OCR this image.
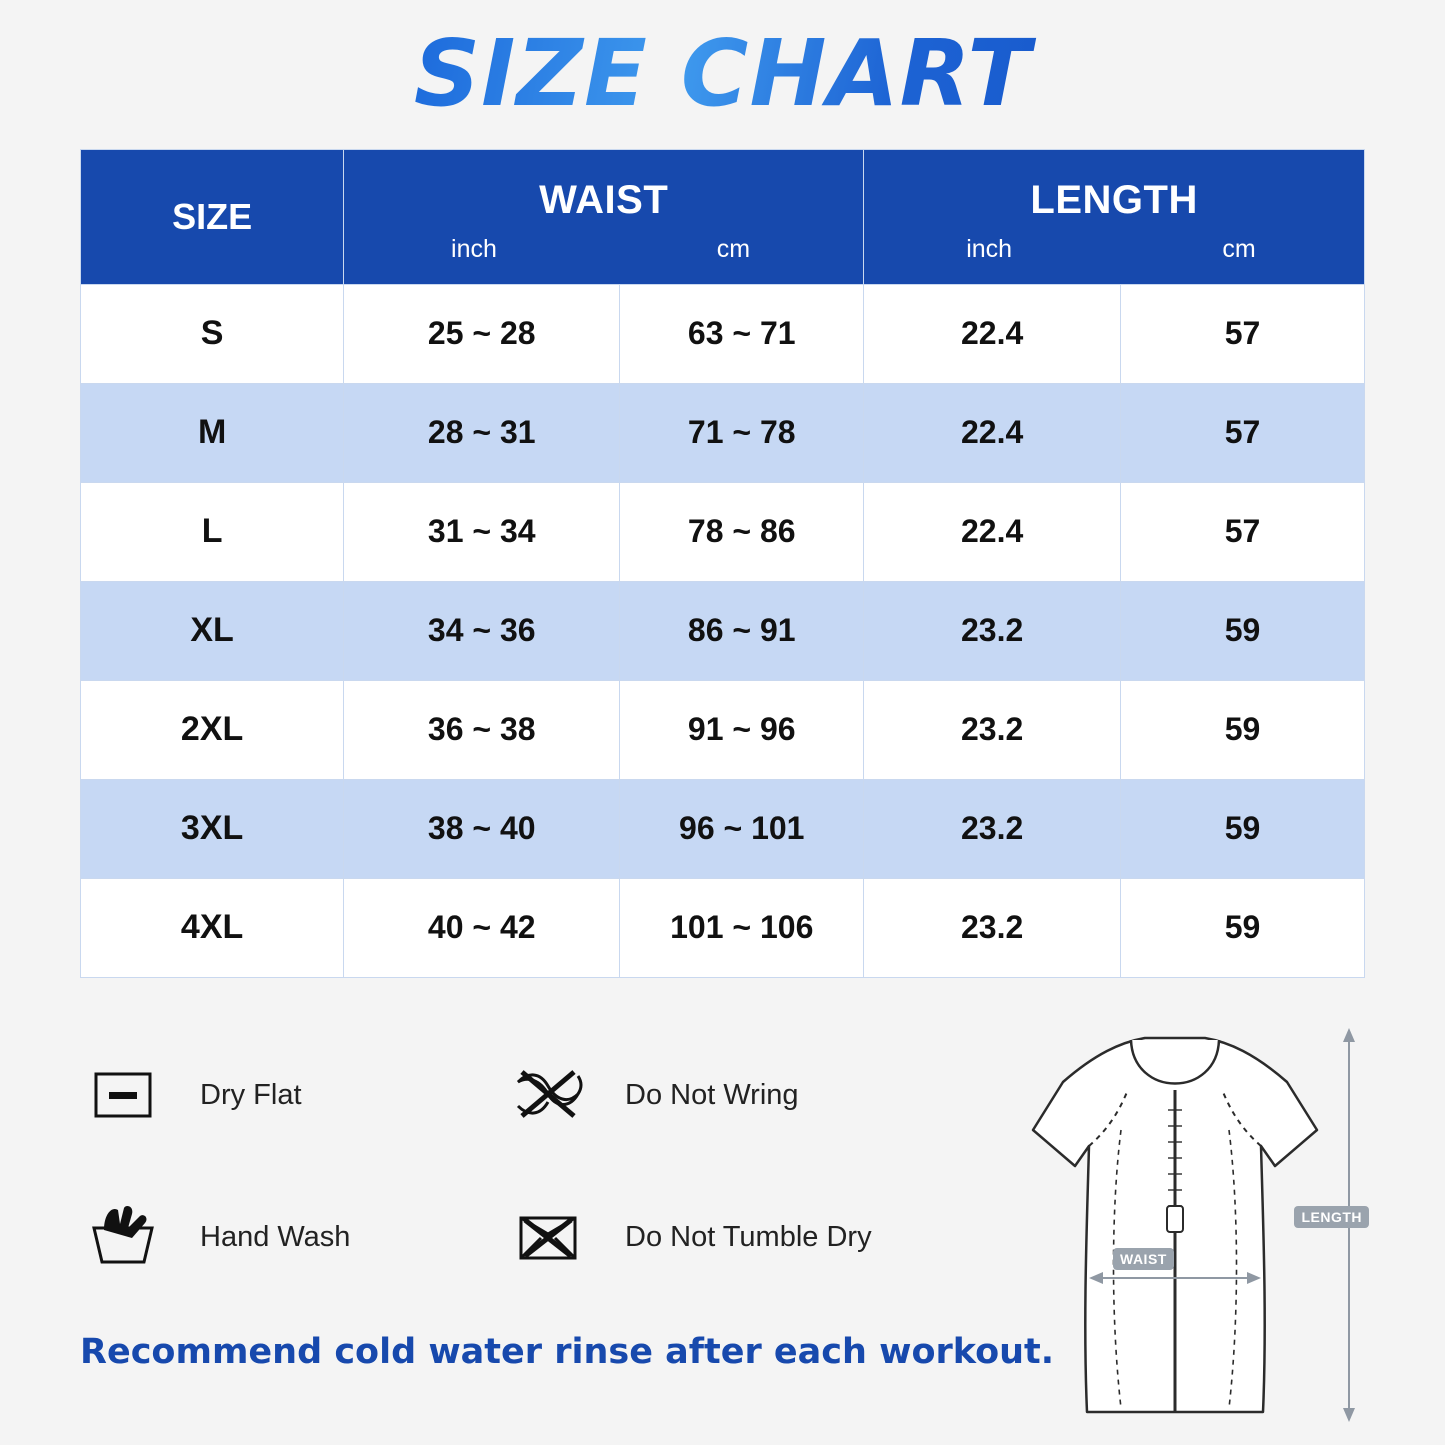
SIZE CHART
SIZE	WAIST
inch	cm

LENGTH
inch	cm

S	25 ~ 28	63 ~ 71	22.4	57
M	28 ~ 31	71 ~ 78	22.4	57
L	31 ~ 34	78 ~ 86	22.4	57
XL	34 ~ 36	86 ~ 91	23.2	59
2XL	36 ~ 38	91 ~ 96	23.2	59
3XL	38 ~ 40	96 ~ 101	23.2	59
4XL	40 ~ 42	101 ~ 106	23.2	59
Dry Flat	Do Not Wring
Hand Wash	Do Not Tumble Dry
Recommend cold water rinse after each workout.
LENGTH
WAIST
